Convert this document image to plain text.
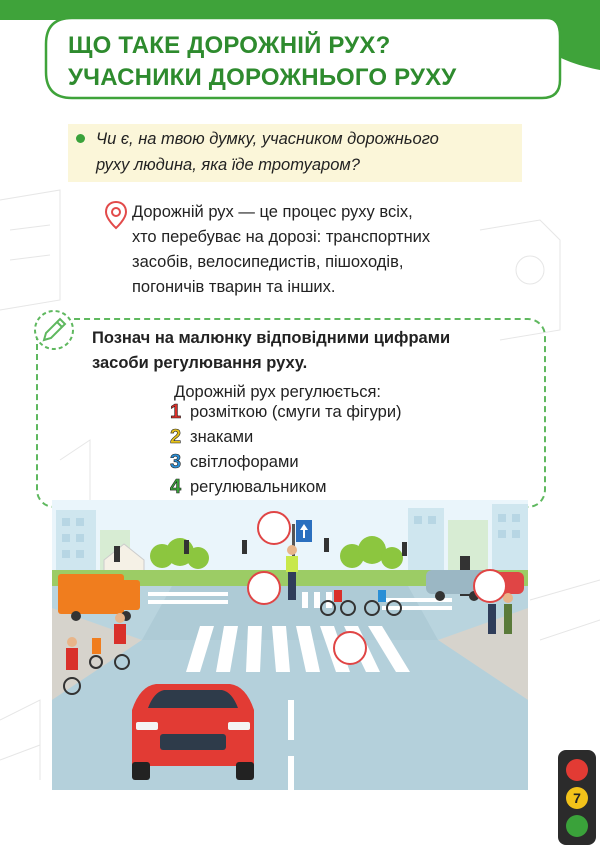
ЩО ТАКЕ ДОРОЖНІЙ РУХ?
УЧАСНИКИ ДОРОЖНЬОГО РУХУ
Чи є, на твою думку, учасником дорожнього
руху людина, яка їде тротуаром?
Дорожній рух — це процес руху всіх,
хто перебуває на дорозі: транспортних
засобів, велосипедистів, пішоходів,
погоничів тварин та інших.
Познач на малюнку відповідними цифрами
засоби регулювання руху.
Дорожній рух регулюється:
1 розміткою (смуги та фігури)
2 знаками
3 світлофорами
4 регулювальником
7
